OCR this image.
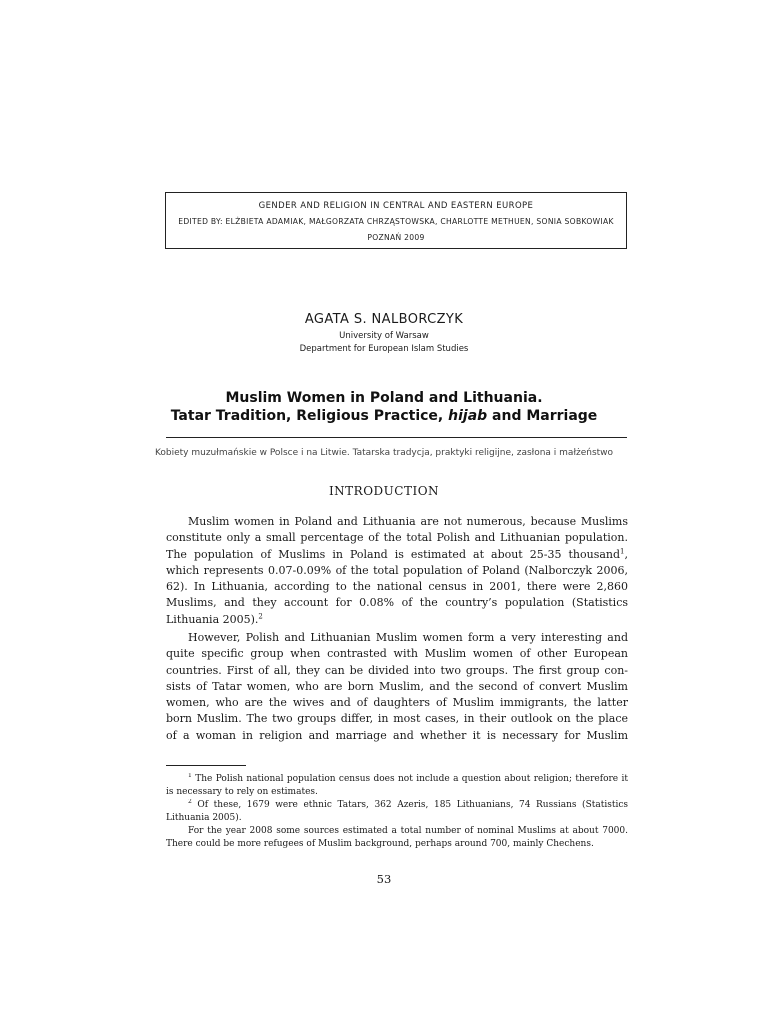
GENDER AND RELIGION IN CENTRAL AND EASTERN EUROPE
EDITED BY: ELŻBIETA ADAMIAK, MAŁGORZATA CHRZĄSTOWSKA, CHARLOTTE METHUEN, SONIA SOBKOWIAK
POZNAŃ 2009
AGATA S. NALBORCZYK
University of Warsaw
Department for European Islam Studies
Muslim Women in Poland and Lithuania.
Tatar Tradition, Religious Practice, hijab and Marriage
Kobiety muzułmańskie w Polsce i na Litwie. Tatarska tradycja, praktyki religijne, zasłona i małżeństwo
INTRODUCTION
Muslim women in Poland and Lithuania are not numerous, because Muslims
constitute only a small percentage of the total Polish and Lithuanian population.
The population of Muslims in Poland is estimated at about 25-35 thousand$^1$,
which represents 0.07-0.09% of the total population of Poland (Nalborczyk 2006,
62). In Lithuania, according to the national census in 2001, there were 2,860
Muslims, and they account for 0.08% of the country’s population (Statistics
Lithuania 2005).$^2$
However, Polish and Lithuanian Muslim women form a very interesting and
quite specific group when contrasted with Muslim women of other European
countries. First of all, they can be divided into two groups. The first group con-
sists of Tatar women, who are born Muslim, and the second of convert Muslim
women, who are the wives and of daughters of Muslim immigrants, the latter
born Muslim. The two groups differ, in most cases, in their outlook on the place
of a woman in religion and marriage and whether it is necessary for Muslim
$^1$ The Polish national population census does not include a question about religion; therefore it
is necessary to rely on estimates.
$^2$ Of these, 1679 were ethnic Tatars, 362 Azeris, 185 Lithuanians, 74 Russians (Statistics
Lithuania 2005).
For the year 2008 some sources estimated a total number of nominal Muslims at about 7000.
There could be more refugees of Muslim background, perhaps around 700, mainly Chechens.
53
